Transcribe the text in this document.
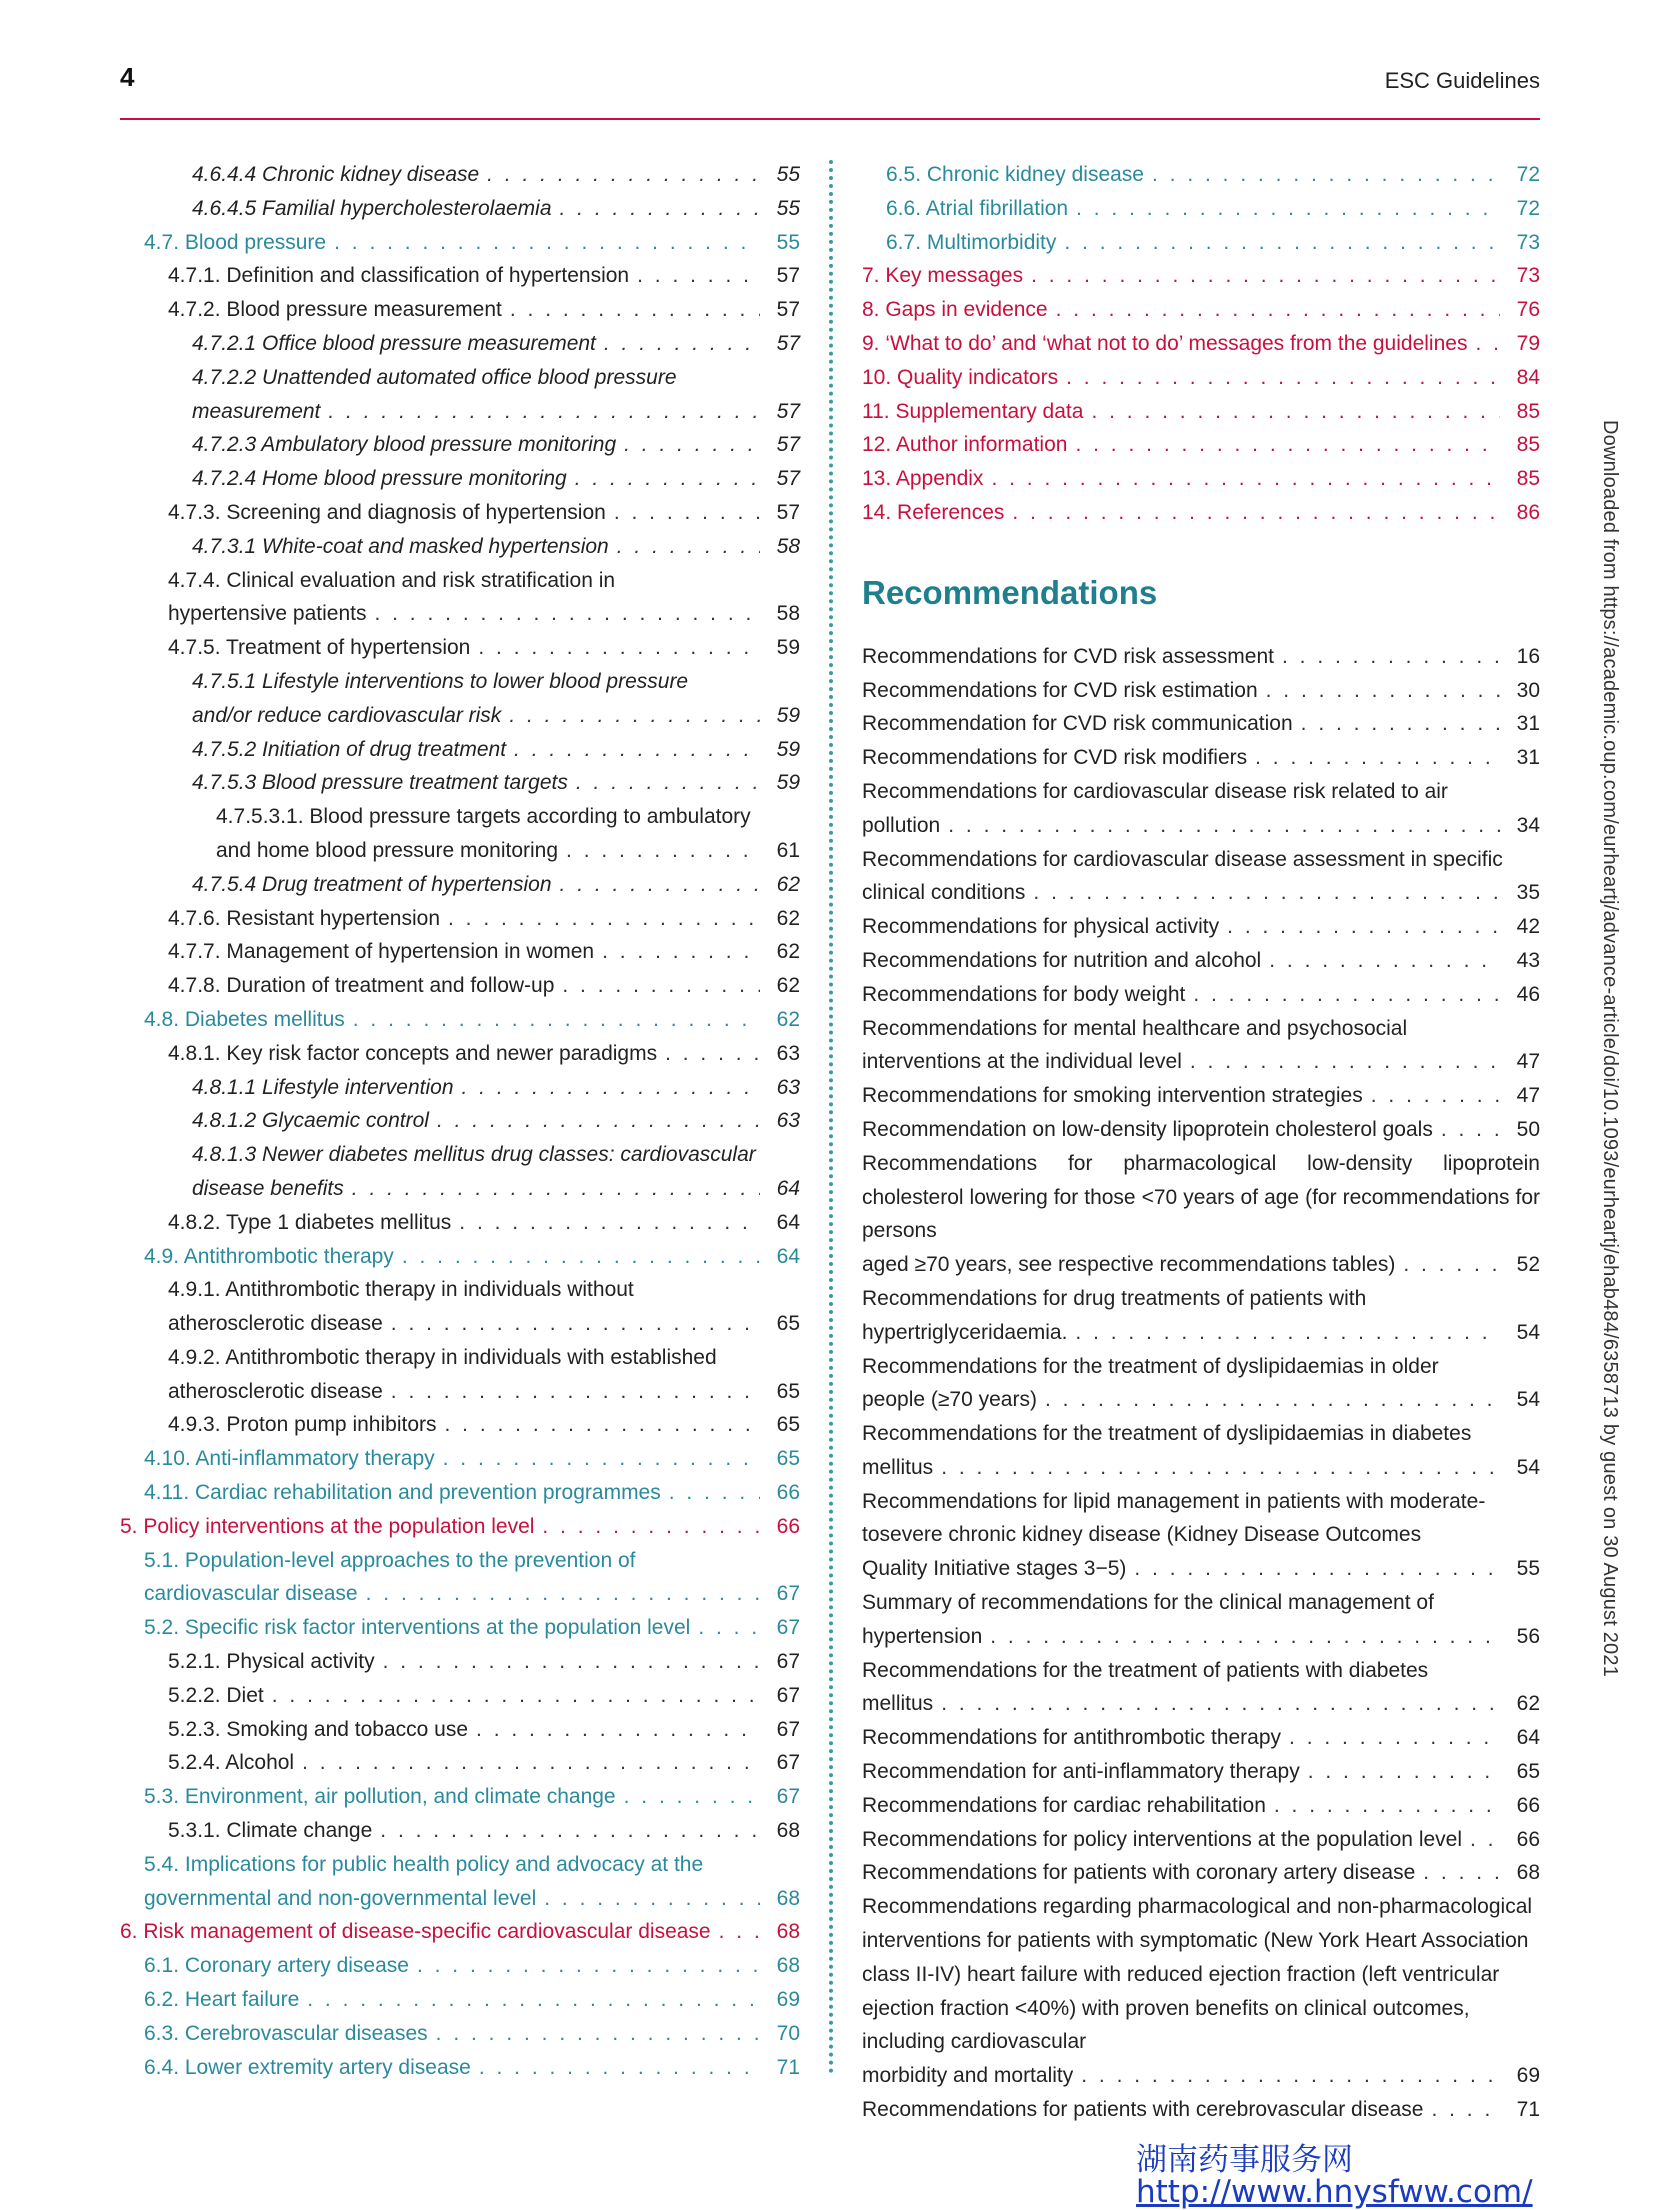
4	ESC Guidelines
4.6.4.4 Chronic kidney disease . . .	55
4.6.4.5 Familial hypercholesterolaemia . . .	55
4.7. Blood pressure . . .	55
4.7.1. Definition and classification of hypertension . . .	57
4.7.2. Blood pressure measurement . . .	57
4.7.2.1 Office blood pressure measurement . . .	57
4.7.2.2 Unattended automated office blood pressure
measurement . . .	57
4.7.2.3 Ambulatory blood pressure monitoring . . .	57
4.7.2.4 Home blood pressure monitoring . . .	57
4.7.3. Screening and diagnosis of hypertension . . .	57
4.7.3.1 White-coat and masked hypertension . . .	58
4.7.4. Clinical evaluation and risk stratification in
hypertensive patients . . .	58
4.7.5. Treatment of hypertension . . .	59
4.7.5.1 Lifestyle interventions to lower blood pressure
and/or reduce cardiovascular risk . . .	59
4.7.5.2 Initiation of drug treatment . . .	59
4.7.5.3 Blood pressure treatment targets . . .	59
4.7.5.3.1. Blood pressure targets according to ambulatory
and home blood pressure monitoring . . .	61
4.7.5.4 Drug treatment of hypertension . . .	62
4.7.6. Resistant hypertension . . .	62
4.7.7. Management of hypertension in women . . .	62
4.7.8. Duration of treatment and follow-up . . .	62
4.8. Diabetes mellitus . . .	62
4.8.1. Key risk factor concepts and newer paradigms . . .	63
4.8.1.1 Lifestyle intervention . . .	63
4.8.1.2 Glycaemic control . . .	63
4.8.1.3 Newer diabetes mellitus drug classes: cardiovascular
disease benefits . . .	64
4.8.2. Type 1 diabetes mellitus . . .	64
4.9. Antithrombotic therapy . . .	64
4.9.1. Antithrombotic therapy in individuals without
atherosclerotic disease . . .	65
4.9.2. Antithrombotic therapy in individuals with established
atherosclerotic disease . . .	65
4.9.3. Proton pump inhibitors . . .	65
4.10. Anti-inflammatory therapy . . .	65
4.11. Cardiac rehabilitation and prevention programmes . . .	66
5. Policy interventions at the population level . . .	66
5.1. Population-level approaches to the prevention of
cardiovascular disease . . .	67
5.2. Specific risk factor interventions at the population level . . .	67
5.2.1. Physical activity . . .	67
5.2.2. Diet . . .	67
5.2.3. Smoking and tobacco use . . .	67
5.2.4. Alcohol . . .	67
5.3. Environment, air pollution, and climate change . . .	67
5.3.1. Climate change . . .	68
5.4. Implications for public health policy and advocacy at the
governmental and non-governmental level . . .	68
6. Risk management of disease-specific cardiovascular disease . . .	68
6.1. Coronary artery disease . . .	68
6.2. Heart failure . . .	69
6.3. Cerebrovascular diseases . . .	70
6.4. Lower extremity artery disease . . .	71
6.5. Chronic kidney disease . . .	72
6.6. Atrial fibrillation . . .	72
6.7. Multimorbidity . . .	73
7. Key messages . . .	73
8. Gaps in evidence . . .	76
9. ‘What to do’ and ‘what not to do’ messages from the guidelines . . .	79
10. Quality indicators . . .	84
11. Supplementary data . . .	85
12. Author information . . .	85
13. Appendix . . .	85
14. References . . .	86
Recommendations
Recommendations for CVD risk assessment . . .	16
Recommendations for CVD risk estimation . . .	30
Recommendation for CVD risk communication . . .	31
Recommendations for CVD risk modifiers . . .	31
Recommendations for cardiovascular disease risk related to air
pollution . . .	34
Recommendations for cardiovascular disease assessment in specific
clinical conditions . . .	35
Recommendations for physical activity . . .	42
Recommendations for nutrition and alcohol . . .	43
Recommendations for body weight . . .	46
Recommendations for mental healthcare and psychosocial
interventions at the individual level . . .	47
Recommendations for smoking intervention strategies . . .	47
Recommendation on low-density lipoprotein cholesterol goals . . .	50
Recommendations for pharmacological low-density lipoprotein cholesterol lowering for those <70 years of age (for recommendations for persons
aged ≥70 years, see respective recommendations tables) . . .	52
Recommendations for drug treatments of patients with
hypertriglyceridaemia. . . .	54
Recommendations for the treatment of dyslipidaemias in older
people (≥70 years) . . .	54
Recommendations for the treatment of dyslipidaemias in diabetes
mellitus . . .	54
Recommendations for lipid management in patients with moderate-tosevere chronic kidney disease (Kidney Disease Outcomes
Quality Initiative stages 3−5) . . .	55
Summary of recommendations for the clinical management of
hypertension . . .	56
Recommendations for the treatment of patients with diabetes
mellitus . . .	62
Recommendations for antithrombotic therapy . . .	64
Recommendation for anti-inflammatory therapy . . .	65
Recommendations for cardiac rehabilitation . . .	66
Recommendations for policy interventions at the population level . . .	66
Recommendations for patients with coronary artery disease . . .	68
Recommendations regarding pharmacological and non-pharmacological interventions for patients with symptomatic (New York Heart Association class II-IV) heart failure with reduced ejection fraction (left ventricular ejection fraction <40%) with proven benefits on clinical outcomes, including cardiovascular
morbidity and mortality . . .	69
Recommendations for patients with cerebrovascular disease . . .	71
Downloaded from https://academic.oup.com/eurheartj/advance-article/doi/10.1093/eurheartj/ehab484/6358713 by guest on 30 August 2021
湖南药事服务网
http://www.hnysfww.com/
